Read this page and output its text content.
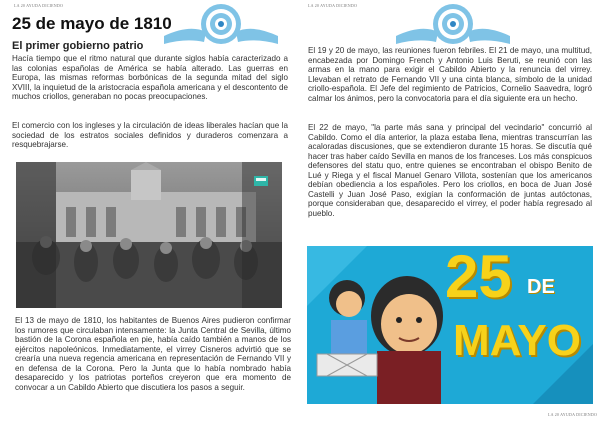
LA 20 AYUDA DICIENDO	LA 20 AYUDA DICIENDO
LA 20 AYUDA DICIENDO
25 de mayo de 1810
El primer gobierno patrio

Hacía tiempo que el ritmo natural que durante siglos había caracterizado a las colonias españolas de América se había alterado. Las guerras en Europa, las mismas reformas borbónicas de la segunda mitad del siglo XVIII, la inquietud de la aristocracia española americana y el descontento de muchos criollos, generaban no pocas preocupaciones.

El comercio con los ingleses y la circulación de ideas liberales hacían que la sociedad de los estratos sociales definidos y duraderos comenzara a resquebrajarse.

El 13 de mayo de 1810, los habitantes de Buenos Aires pudieron confirmar los rumores que circulaban intensamente: la Junta Central de Sevilla, último bastión de la Corona española en pie, había caído también a manos de los ejércitos napoleónicos. Inmediatamente, el virrey Cisneros advirtió que se crearía una nueva regencia americana en representación de Fernando VII y en defensa de la Corona. Pero la Junta que lo había nombrado había desaparecido y los patriotas porteños creyeron que era momento de convocar a un Cabildo Abierto que discutiera los pasos a seguir.

El 19 y 20 de mayo, las reuniones fueron febriles. El 21 de mayo, una multitud, encabezada por Domingo French y Antonio Luis Beruti, se reunió con las armas en la mano para exigir el Cabildo Abierto y la renuncia del virrey. Llevaban el retrato de Fernando VII y una cinta blanca, símbolo de la unidad criollo-española. El Jefe del regimiento de Patricios, Cornelio Saavedra, logró calmar los ánimos, pero la convocatoria para el día siguiente era un hecho.

El 22 de mayo, "la parte más sana y principal del vecindario" concurrió al Cabildo. Como el día anterior, la plaza estaba llena, mientras transcurrían las acaloradas discusiones, que se extendieron durante 15 horas. Se discutía qué hacer tras haber caído Sevilla en manos de los franceses. Los más conspicuos defensores del statu quo, entre quienes se encontraban el obispo Benito de Lué y Riega y el fiscal Manuel Genaro Villota, sostenían que los americanos debían obediencia a los españoles. Pero los criollos, en boca de Juan José Castelli y Juan José Paso, exigían la conformación de juntas autóctonas, porque consideraban que, desaparecido el virrey, el poder había regresado al pueblo.

25 DE
MAYO
